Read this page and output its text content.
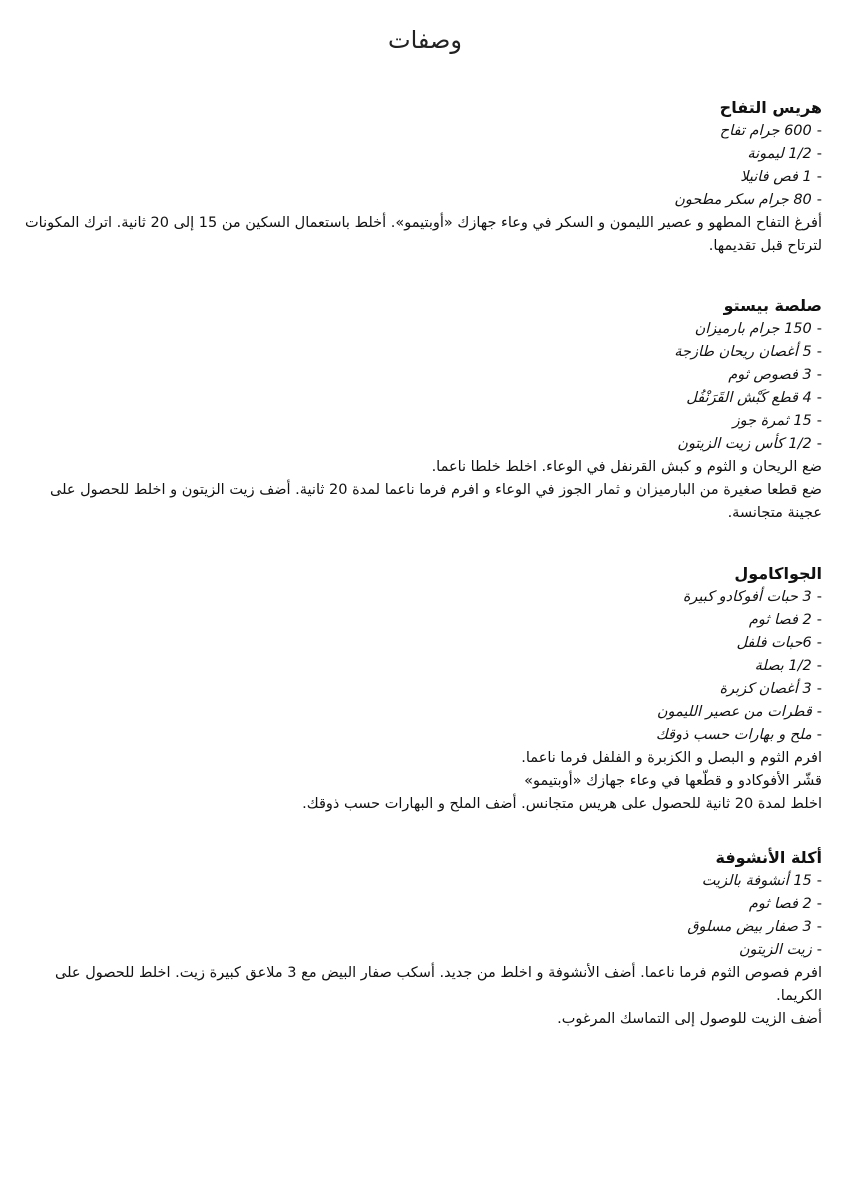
وصفات
هريس التفاح
-600 جرام تفاح
-1/2 ليمونة
-1 فص فانيلا
-80 جرام سكر مطحون

أفرغ التفاح المطهو و عصير الليمون و السكر في وعاء جهازك «أوبتيمو». أخلط باستعمال السكين من 15 إلى 20 ثانية. اترك المكونات لترتاح قبل تقديمها.

صلصة بيستو
-150 جرام بارميزان
-5 أغصان ريحان طازجة
-3 فصوص ثوم
-4 قطع كَبْش القَرَنْفُل
-15 ثمرة جوز
-1/2 كأس زيت الزيتون

ضع الريحان و الثوم و كبش القرنفل في الوعاء. اخلط خلطا ناعما.

ضع قطعا صغيرة من البارميزان و ثمار الجوز في الوعاء و افرم فرما ناعما لمدة 20 ثانية. أضف زيت الزيتون و اخلط للحصول على عجينة متجانسة.

الجواكامول
-3 حبات أفوكادو كبيرة
-2 فصا ثوم
-6حبات فلفل
-1/2 بصلة
-3 أغصان كزبرة
-قطرات من عصير الليمون
-ملح و بهارات حسب ذوقك

افرم الثوم و البصل و الكزبرة و الفلفل فرما ناعما.

قشّر الأفوكادو و قطّعها في وعاء جهازك «أوبتيمو»

اخلط لمدة 20 ثانية للحصول على هريس متجانس. أضف الملح و البهارات حسب ذوقك.

أكلة الأنشوفة
-15 أنشوفة بالزيت
-2 فصا ثوم
-3 صفار بيض مسلوق
-زيت الزيتون

افرم فصوص الثوم فرما ناعما. أضف الأنشوفة و اخلط من جديد. أسكب صفار البيض مع 3 ملاعق كبيرة زيت. اخلط للحصول على الكريما.

أضف الزيت للوصول إلى التماسك المرغوب.
